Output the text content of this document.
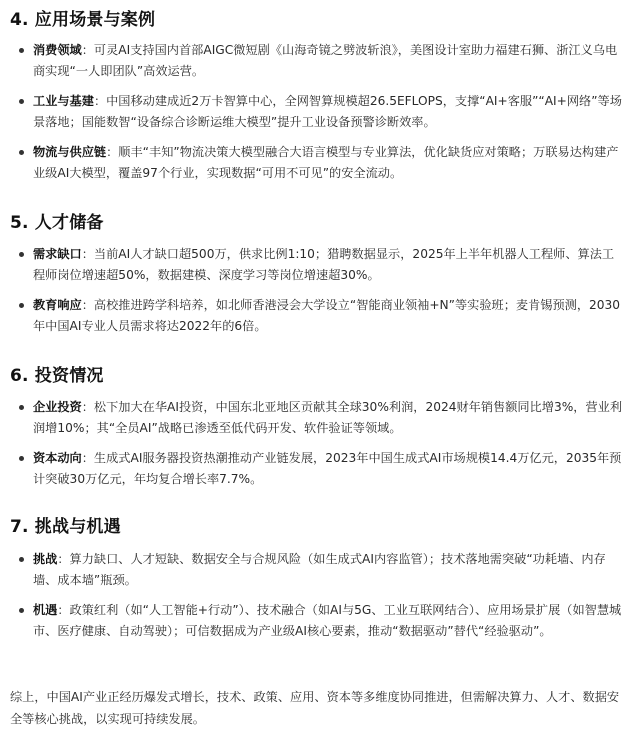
4. 应用场景与案例
消费领域：可灵AI支持国内首部AIGC微短剧《山海奇镜之劈波斩浪》，美图设计室助力福建石狮、浙江义乌电商实现“一人即团队”高效运营。
工业与基建：中国移动建成近2万卡智算中心，全网智算规模超26.5EFLOPS，支撑“AI+客服”“AI+网络”等场景落地；国能数智“设备综合诊断运维大模型”提升工业设备预警诊断效率。
物流与供应链：顺丰“丰知”物流决策大模型融合大语言模型与专业算法，优化缺货应对策略；万联易达构建产业级AI大模型，覆盖97个行业，实现数据“可用不可见”的安全流动。
5. 人才储备
需求缺口：当前AI人才缺口超500万，供求比例1:10；猎聘数据显示，2025年上半年机器人工程师、算法工程师岗位增速超50%，数据建模、深度学习等岗位增速超30%。
教育响应：高校推进跨学科培养，如北师香港浸会大学设立“智能商业领袖+N”等实验班；麦肯锡预测，2030年中国AI专业人员需求将达2022年的6倍。
6. 投资情况
企业投资：松下加大在华AI投资，中国东北亚地区贡献其全球30%利润，2024财年销售额同比增3%，营业利润增10%；其“全员AI”战略已渗透至低代码开发、软件验证等领域。
资本动向：生成式AI服务器投资热潮推动产业链发展，2023年中国生成式AI市场规模14.4万亿元，2035年预计突破30万亿元，年均复合增长率7.7%。
7. 挑战与机遇
挑战：算力缺口、人才短缺、数据安全与合规风险（如生成式AI内容监管）；技术落地需突破“功耗墙、内存墙、成本墙”瓶颈。
机遇：政策红利（如“人工智能+行动”）、技术融合（如AI与5G、工业互联网结合）、应用场景扩展（如智慧城市、医疗健康、自动驾驶）；可信数据成为产业级AI核心要素，推动“数据驱动”替代“经验驱动”。

综上，中国AI产业正经历爆发式增长，技术、政策、应用、资本等多维度协同推进，但需解决算力、人才、数据安全等核心挑战，以实现可持续发展。
